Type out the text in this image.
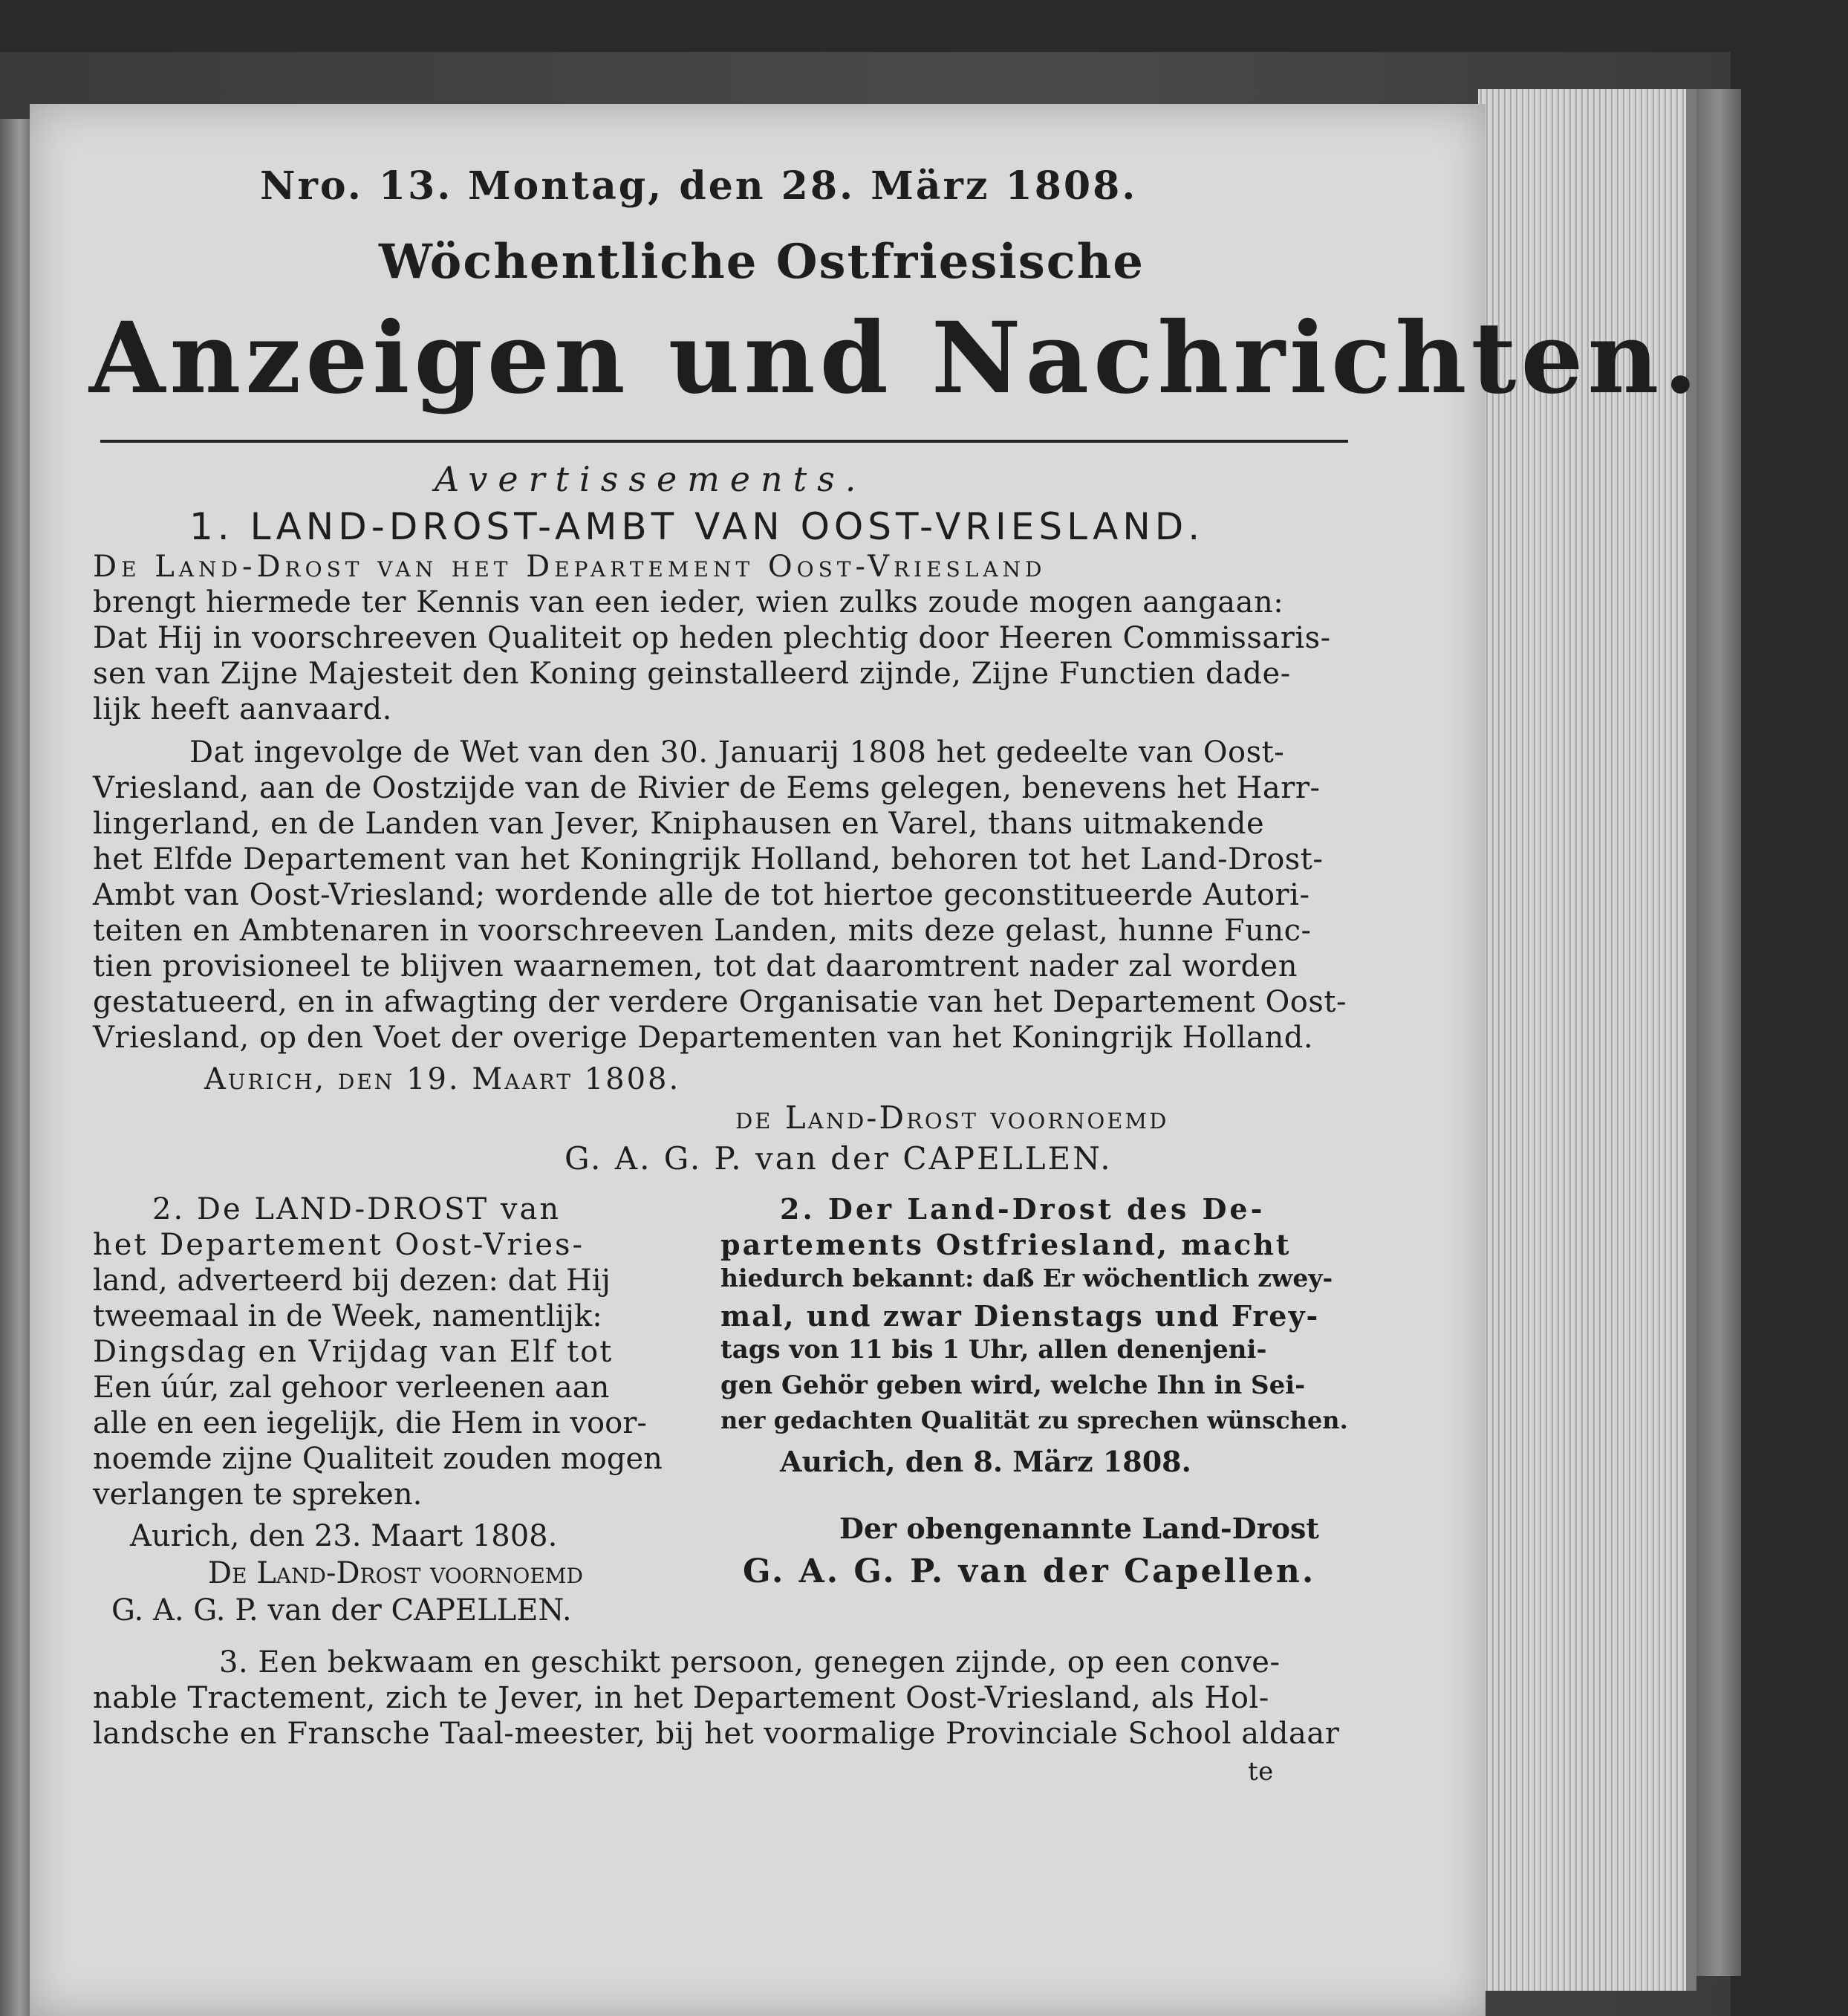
Nro. 13. Montag, den 28. März 1808.
Wöchentliche Ostfriesische
Anzeigen und Nachrichten.
Avertissements.
1. LAND-DROST-AMBT VAN OOST-VRIESLAND.
De Land-Drost van het Departement Oost-Vriesland
brengt hiermede ter Kennis van een ieder, wien zulks zoude mogen aangaan:
Dat Hij in voorschreeven Qualiteit op heden plechtig door Heeren Commissaris-
sen van Zijne Majesteit den Koning geinstalleerd zijnde, Zijne Functien dade-
lijk heeft aanvaard.
Dat ingevolge de Wet van den 30. Januarij 1808 het gedeelte van Oost-
Vriesland, aan de Oostzijde van de Rivier de Eems gelegen, benevens het Harr-
lingerland, en de Landen van Jever, Kniphausen en Varel, thans uitmakende
het Elfde Departement van het Koningrijk Holland, behoren tot het Land-Drost-
Ambt van Oost-Vriesland; wordende alle de tot hiertoe geconstitueerde Autori-
teiten en Ambtenaren in voorschreeven Landen, mits deze gelast, hunne Func-
tien provisioneel te blijven waarnemen, tot dat daaromtrent nader zal worden
gestatueerd, en in afwagting der verdere Organisatie van het Departement Oost-
Vriesland, op den Voet der overige Departementen van het Koningrijk Holland.
Aurich, den 19. Maart 1808.
de Land-Drost voornoemd
G. A. G. P. van der CAPELLEN.
2. De LAND-DROST van
het Departement Oost-Vries-
land, adverteerd bij dezen: dat Hij
tweemaal in de Week, namentlijk:
Dingsdag en Vrijdag van Elf tot
Een úúr, zal gehoor verleenen aan
alle en een iegelijk, die Hem in voor-
noemde zijne Qualiteit zouden mogen
verlangen te spreken.
Aurich, den 23. Maart 1808.
De Land-Drost voornoemd
G. A. G. P. van der CAPELLEN.
2. Der Land-Drost des De-
partements Ostfriesland, macht
hiedurch bekannt: daß Er wöchentlich zwey-
mal, und zwar Dienstags und Frey-
tags von 11 bis 1 Uhr, allen denenjeni-
gen Gehör geben wird, welche Ihn in Sei-
ner gedachten Qualität zu sprechen wünschen.
Aurich, den 8. März 1808.
Der obengenannte Land-Drost
G. A. G. P. van der Capellen.
3. Een bekwaam en geschikt persoon, genegen zijnde, op een conve-
nable Tractement, zich te Jever, in het Departement Oost-Vriesland, als Hol-
landsche en Fransche Taal-meester, bij het voormalige Provinciale School aldaar
te
